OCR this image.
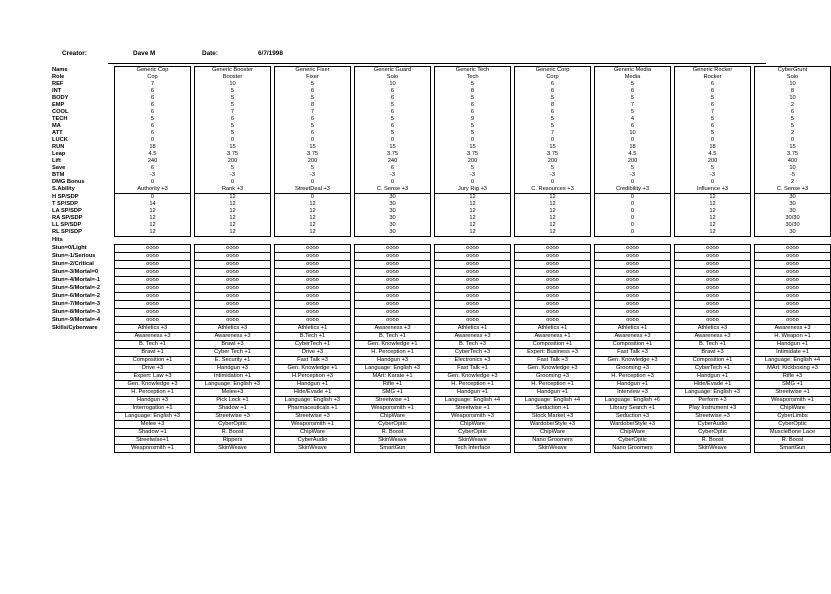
Creator:	Dave M	Date:	6/7/1998
Name		Generic Cop		Generic Booster		Generic Fixer		Generic Guard		Generic Tech		Generic Corp		Generic Media		Generic Rocker		CyberGrunt
Role		Cop		Booster		Fixer		Solo		Tech		Corp		Media		Rocker		Solo
REF		7		10		5		10		5		6		5		6		10
INT		6		5		6		6		8		6		6		6		8
BODY		6		5		5		6		5		5		5		5		10
EMP		6		5		8		5		6		8		7		6		2
COOL		6		7		7		6		6		6		5		7		6
TECH		5		6		6		5		9		5		4		5		5
MA		6		5		5		6		5		5		6		6		5
ATT		6		5		6		5		5		7		10		5		2
LUCK		0		0		0		0		0		0		0		0		0
RUN		18		15		15		15		15		15		18		18		15
Leap		4.5		3.75		3.75		3.75		3.75		3.75		4.5		4.5		3.75
Lift		240		200		200		240		200		200		200		200		400
Save		6		5		5		6		5		5		5		5		10
BTM		-3		-3		-3		-3		-3		-3		-3		-3		-5
DMG Bonus		0		0		0		0		0		0		0		0		2
S.Ability		Authority +3		Rank +3		StreetDeal +3		C. Sense +3		Jury Rig +3		C. Resources +3		Credibility +3		Influence +3		C. Sense +3
H SP/SDP		0		12		0		30		12		12		0		12		30
T SP/SDP		14		12		12		30		12		12		0		12		30
LA SP/SDP		12		12		12		30		12		12		0		12		30
RA SP/SDP		12		12		12		30		12		12		0		12		30/30
LL SP/SDP		12		12		12		30		12		12		0		12		30/30
RL SP/SDP		12		12		12		30		12		12		0		12		30
Hits																		
Stun=0/Light		oooo		oooo		oooo		oooo		oooo		oooo		oooo		oooo		oooo
Stun=-1/Serious		oooo		oooo		oooo		oooo		oooo		oooo		oooo		oooo		oooo
Stun=-2/Critical		oooo		oooo		oooo		oooo		oooo		oooo		oooo		oooo		oooo
Stun=-3/Mortal=0		oooo		oooo		oooo		oooo		oooo		oooo		oooo		oooo		oooo
Stun=-4/Mortal=-1		oooo		oooo		oooo		oooo		oooo		oooo		oooo		oooo		oooo
Stun=-5/Mortal=-2		oooo		oooo		oooo		oooo		oooo		oooo		oooo		oooo		oooo
Stun=-6/Mortal=-2		oooo		oooo		oooo		oooo		oooo		oooo		oooo		oooo		oooo
Stun=-7/Mortal=-3		oooo		oooo		oooo		oooo		oooo		oooo		oooo		oooo		oooo
Stun=-8/Mortal=-3		oooo		oooo		oooo		oooo		oooo		oooo		oooo		oooo		oooo
Stun=-9/Mortal=-4		oooo		oooo		oooo		oooo		oooo		oooo		oooo		oooo		oooo
Skills/Cyberware		Athletics +3		Athletics +3		Athletics +1		Awareness +3		Athletics +1		Athletics +1		Athletics +1		Athletics +3		Awareness +3
		Awareness +3		Awareness +3		B.Tech +1		B. Tech +1		Awareness +3		Awareness +1		Awareness +3		Awareness +3		H. Weapon +1
		B. Tech +1		Brawl +3		CyberTech +1		Gen. Knowledge +1		B. Tech +3		Composition +1		Composition +1		B. Tech +1		Handgun +1
		Brawl +1		Cyber Tech +1		Drive +3		H. Perception +1		CyberTech +3		Expert: Business +3		Fast Talk +3		Brawl +3		Intimidate +1
		Composition +1		E. Security +1		Fast Talk +3		Handgun +3		Electronics +3		Fast Talk +3		Gen. Knowledge +3		Composition +1		Language: English +4
		Drive +3		Handgun +3		Gen. Knowledge +1		Language: English +3		Fast Talk +1		Gen. Knowledge +3		Grooming +3		CyberTech +1		MArt: Kickboxing +3
		Expert: Law +3		Intimidation +1		H.Perception +3		MArt: Karate +1		Gen. Knowledge +3		Grooming +3		H. Perception +3		Handgun +1		Rifle +3
		Gen. Knowledge +3		Language: English +3		Handgun +1		Rifle +1		H. Perception +1		H. Perception +1		Handgun +1		Hide/Evade +1		SMG +1
		H. Perception +1		Melee+3		Hide/Evade +1		SMG +1		Handgun +1		Handgun +1		Interview +3		Language: English +3		Streetwise +1
		Handgun +3		Pick Lock +1		Language: English +3		Streetwise +1		Language: English +4		Language: English +4		Language: English +6		Perform +3		Weaponsmith +1
		Interrogation +1		Shadow +1		Pharmaceuticals +1		Weaponsmith +1		Streetwise +1		Seduction +1		Library Search +1		Play Instrument +3		ChipWare
		Language: English +3		Streetwise +3		Streetwise +3		ChipWare		Weaponsmith +3		Stock Market +3		Seduction +3		Streetwise +3		CyberLimbs
		Melee +3		CyberOptic		Weaponsmith +1		CyberOptic		ChipWare		Wardobe/Style +3		Wardobe/Style +3		CyberAudio		CyberOptic
		Shadow +1		R. Boost		ChipWare		R. Boost		CyberOptic		ChipWare		ChipWare		CyberOptic		MuscleBone Lace
		Streetwise+1		Rippers		CyberAudio		SkinWeave		SkinWeave		Nano Groomers		CyberOptic		R. Boost		R. Boost
		Weaponsmith +1		SkinWeave		SkinWeave		SmartGun		Tech Interface		SkinWeave		Nano Groomers		SkinWeave		SmartGun
